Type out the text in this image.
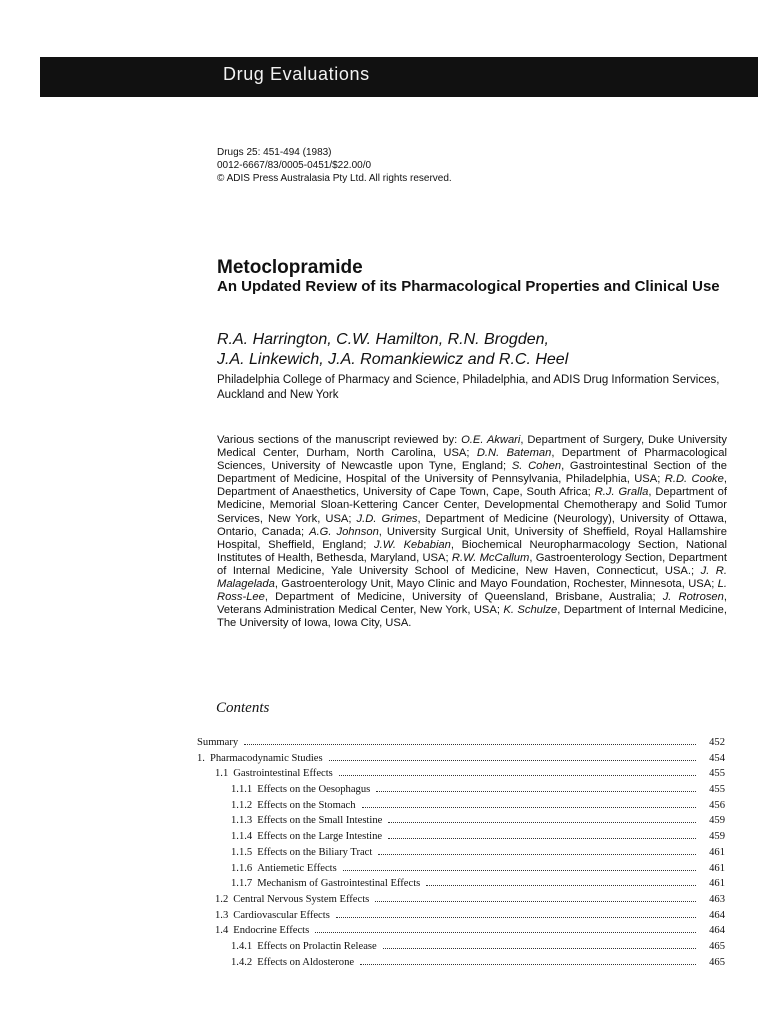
Drug Evaluations
Drugs 25: 451-494 (1983)
0012-6667/83/0005-0451/$22.00/0
© ADIS Press Australasia Pty Ltd. All rights reserved.
Metoclopramide
An Updated Review of its Pharmacological Properties and Clinical Use
R.A. Harrington, C.W. Hamilton, R.N. Brogden,
J.A. Linkewich, J.A. Romankiewicz and R.C. Heel
Philadelphia College of Pharmacy and Science, Philadelphia, and ADIS Drug Information Services, Auckland and New York
Various sections of the manuscript reviewed by: O.E. Akwari, Department of Surgery, Duke University Medical Center, Durham, North Carolina, USA; D.N. Bateman, Department of Pharmacological Sciences, University of Newcastle upon Tyne, England; S. Cohen, Gastrointestinal Section of the Department of Medicine, Hospital of the University of Pennsylvania, Philadelphia, USA; R.D. Cooke, Department of Anaesthetics, University of Cape Town, Cape, South Africa; R.J. Gralla, Department of Medicine, Memorial Sloan-Kettering Cancer Center, Developmental Chemotherapy and Solid Tumor Services, New York, USA; J.D. Grimes, Department of Medicine (Neurology), University of Ottawa, Ontario, Canada; A.G. Johnson, University Surgical Unit, University of Sheffield, Royal Hallamshire Hospital, Sheffield, England; J.W. Kebabian, Biochemical Neuropharmacology Section, National Institutes of Health, Bethesda, Maryland, USA; R.W. McCallum, Gastroenterology Section, Department of Internal Medicine, Yale University School of Medicine, New Haven, Connecticut, USA.; J. R. Malagelada, Gastroenterology Unit, Mayo Clinic and Mayo Foundation, Rochester, Minnesota, USA; L. Ross-Lee, Department of Medicine, University of Queensland, Brisbane, Australia; J. Rotrosen, Veterans Administration Medical Center, New York, USA; K. Schulze, Department of Internal Medicine, The University of Iowa, Iowa City, USA.
Contents
Summary	452
1. Pharmacodynamic Studies	454
1.1 Gastrointestinal Effects	455
1.1.1 Effects on the Oesophagus	455
1.1.2 Effects on the Stomach	456
1.1.3 Effects on the Small Intestine	459
1.1.4 Effects on the Large Intestine	459
1.1.5 Effects on the Biliary Tract	461
1.1.6 Antiemetic Effects	461
1.1.7 Mechanism of Gastrointestinal Effects	461
1.2 Central Nervous System Effects	463
1.3 Cardiovascular Effects	464
1.4 Endocrine Effects	464
1.4.1 Effects on Prolactin Release	465
1.4.2 Effects on Aldosterone	465
